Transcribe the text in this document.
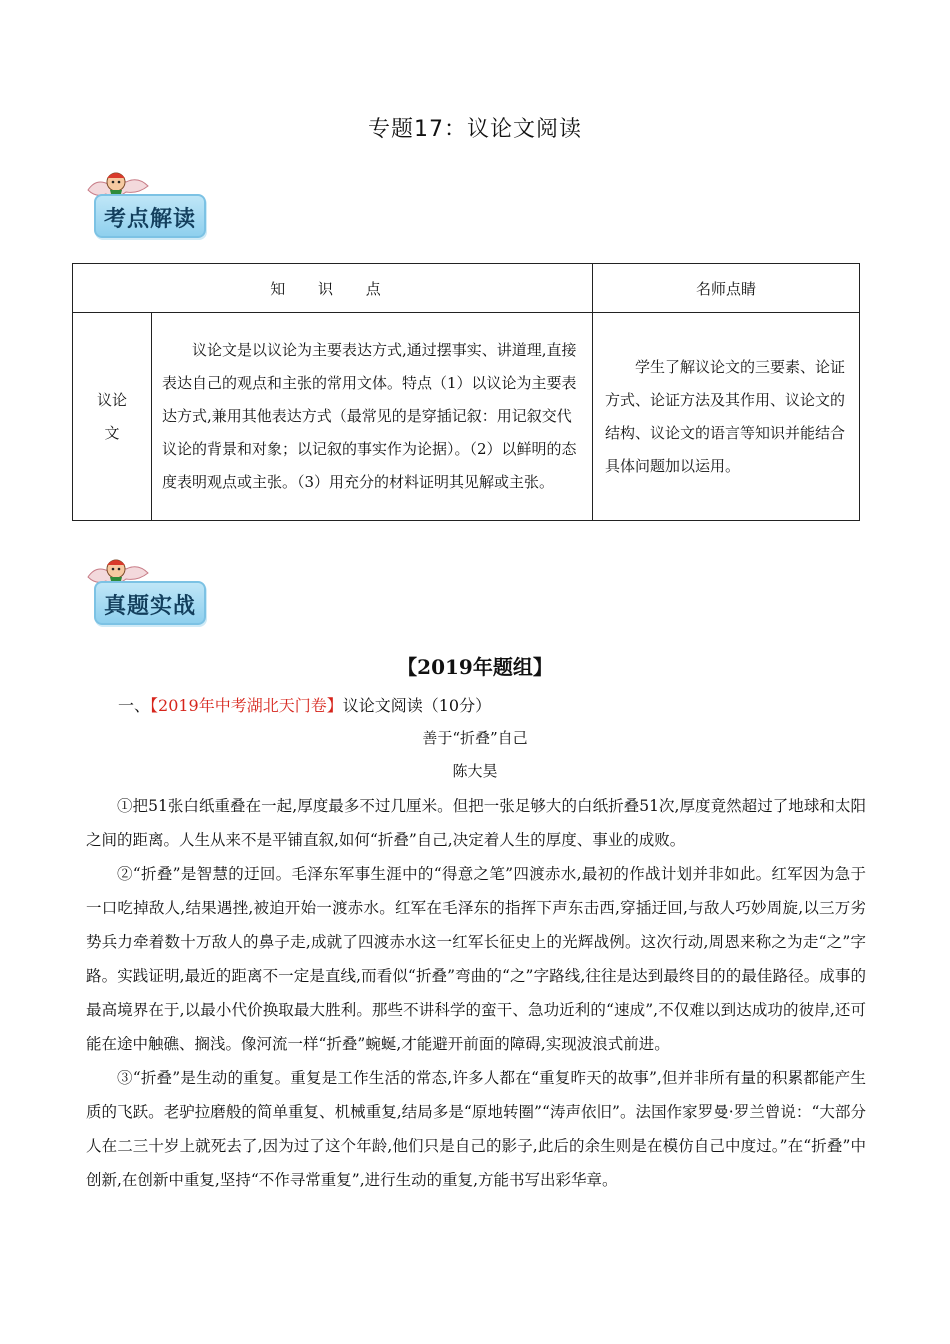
专题17：议论文阅读
考点解读
知 识 点		名师点睛

议论文	议论文是以议论为主要表达方式,通过摆事实、讲道理,直接表达自己的观点和主张的常用文体。特点（1）以议论为主要表达方式,兼用其他表达方式（最常见的是穿插记叙：用记叙交代议论的背景和对象；以记叙的事实作为论据）。（2）以鲜明的态度表明观点或主张。（3）用充分的材料证明其见解或主张。	学生了解议论文的三要素、论证方式、论证方法及其作用、议论文的结构、议论文的语言等知识并能结合具体问题加以运用。
真题实战
【2019年题组】
一、【2019年中考湖北天门卷】议论文阅读（10分）
善于“折叠”自己
陈大昊

①把51张白纸重叠在一起,厚度最多不过几厘米。但把一张足够大的白纸折叠51次,厚度竟然超过了地球和太阳之间的距离。人生从来不是平铺直叙,如何“折叠”自己,决定着人生的厚度、事业的成败。

②“折叠”是智慧的迂回。毛泽东军事生涯中的“得意之笔”四渡赤水,最初的作战计划并非如此。红军因为急于一口吃掉敌人,结果遇挫,被迫开始一渡赤水。红军在毛泽东的指挥下声东击西,穿插迂回,与敌人巧妙周旋,以三万劣势兵力牵着数十万敌人的鼻子走,成就了四渡赤水这一红军长征史上的光辉战例。这次行动,周恩来称之为走“之”字路。实践证明,最近的距离不一定是直线,而看似“折叠”弯曲的“之”字路线,往往是达到最终目的的最佳路径。成事的最高境界在于,以最小代价换取最大胜利。那些不讲科学的蛮干、急功近利的“速成”,不仅难以到达成功的彼岸,还可能在途中触礁、搁浅。像河流一样“折叠”蜿蜒,才能避开前面的障碍,实现波浪式前进。

③“折叠”是生动的重复。重复是工作生活的常态,许多人都在“重复昨天的故事”,但并非所有量的积累都能产生质的飞跃。老驴拉磨般的简单重复、机械重复,结局多是“原地转圈”“涛声依旧”。法国作家罗曼·罗兰曾说：“大部分人在二三十岁上就死去了,因为过了这个年龄,他们只是自己的影子,此后的余生则是在模仿自己中度过。”在“折叠”中创新,在创新中重复,坚持“不作寻常重复”,进行生动的重复,方能书写出彩华章。
